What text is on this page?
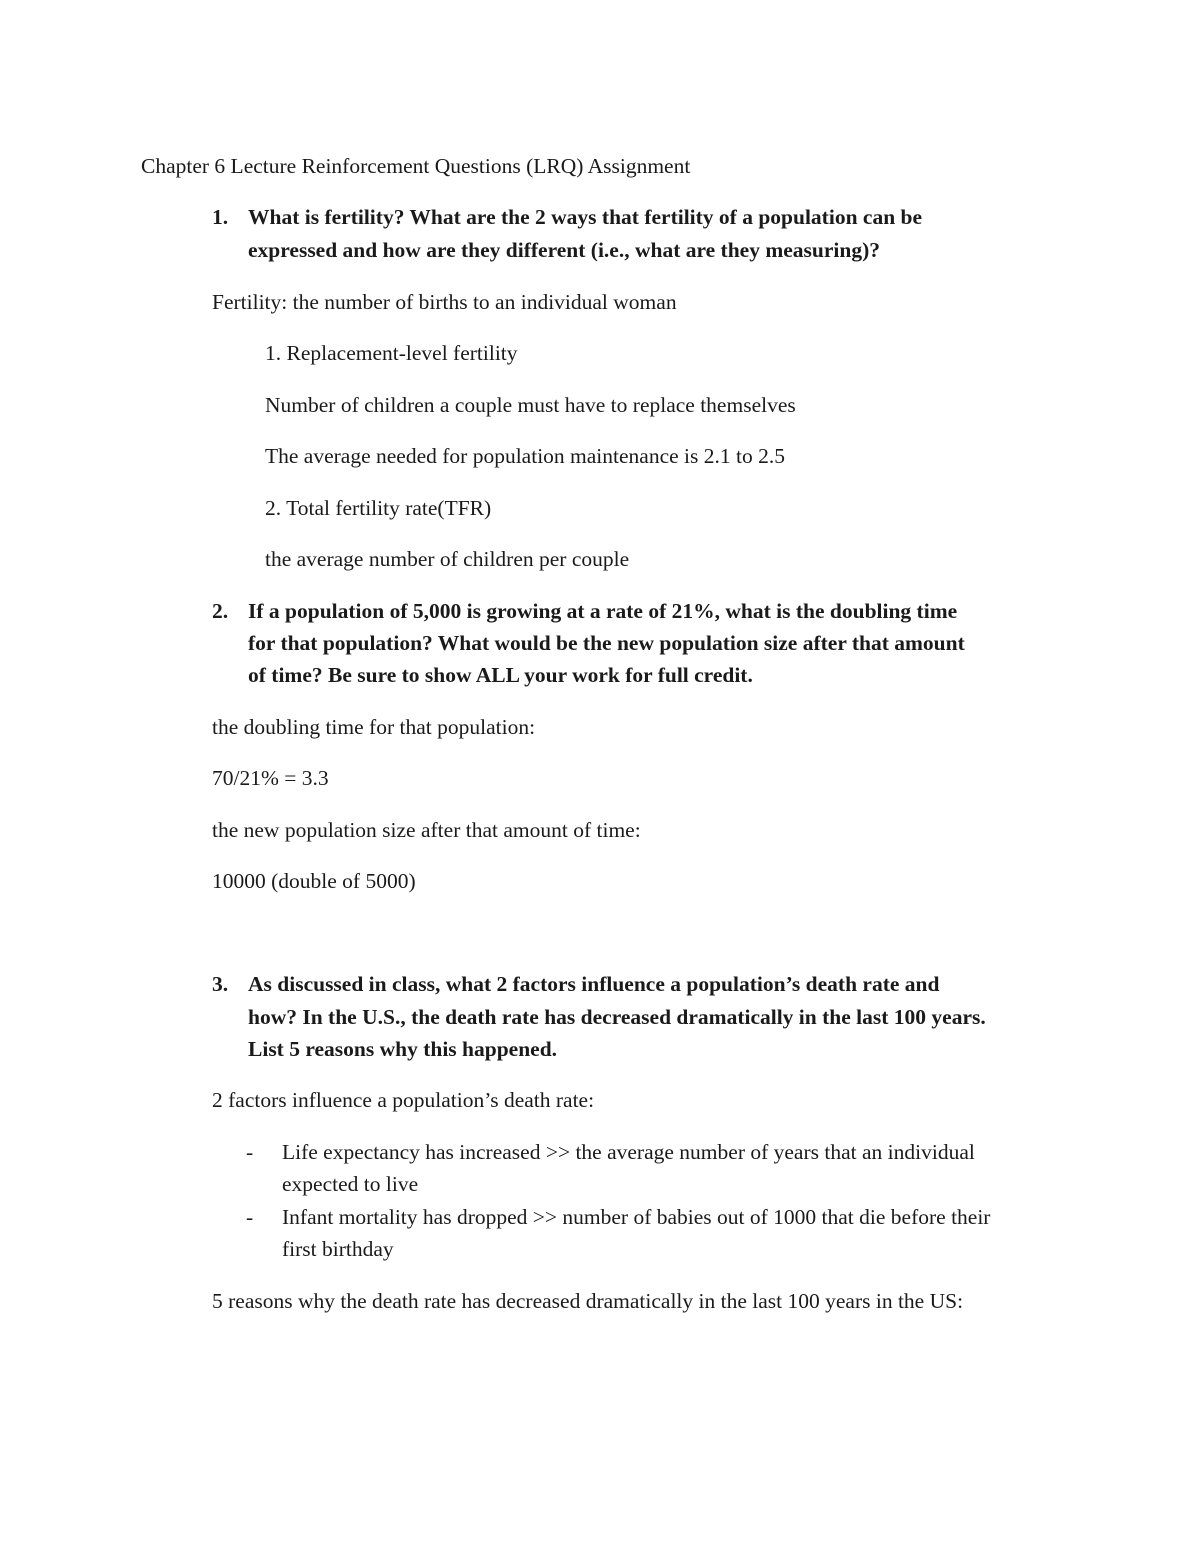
Chapter 6 Lecture Reinforcement Questions (LRQ) Assignment
1. What is fertility? What are the 2 ways that fertility of a population can be
expressed and how are they different (i.e., what are they measuring)?
Fertility: the number of births to an individual woman
1. Replacement-level fertility
Number of children a couple must have to replace themselves
The average needed for population maintenance is 2.1 to 2.5
2. Total fertility rate(TFR)
the average number of children per couple
2. If a population of 5,000 is growing at a rate of 21%, what is the doubling time
for that population? What would be the new population size after that amount
of time? Be sure to show ALL your work for full credit.
the doubling time for that population:
70/21% = 3.3
the new population size after that amount of time:
10000 (double of 5000)
3. As discussed in class, what 2 factors influence a population’s death rate and
how? In the U.S., the death rate has decreased dramatically in the last 100 years.
List 5 reasons why this happened.
2 factors influence a population’s death rate:
- Life expectancy has increased >> the average number of years that an individual
expected to live
- Infant mortality has dropped >> number of babies out of 1000 that die before their
first birthday
5 reasons why the death rate has decreased dramatically in the last 100 years in the US:
